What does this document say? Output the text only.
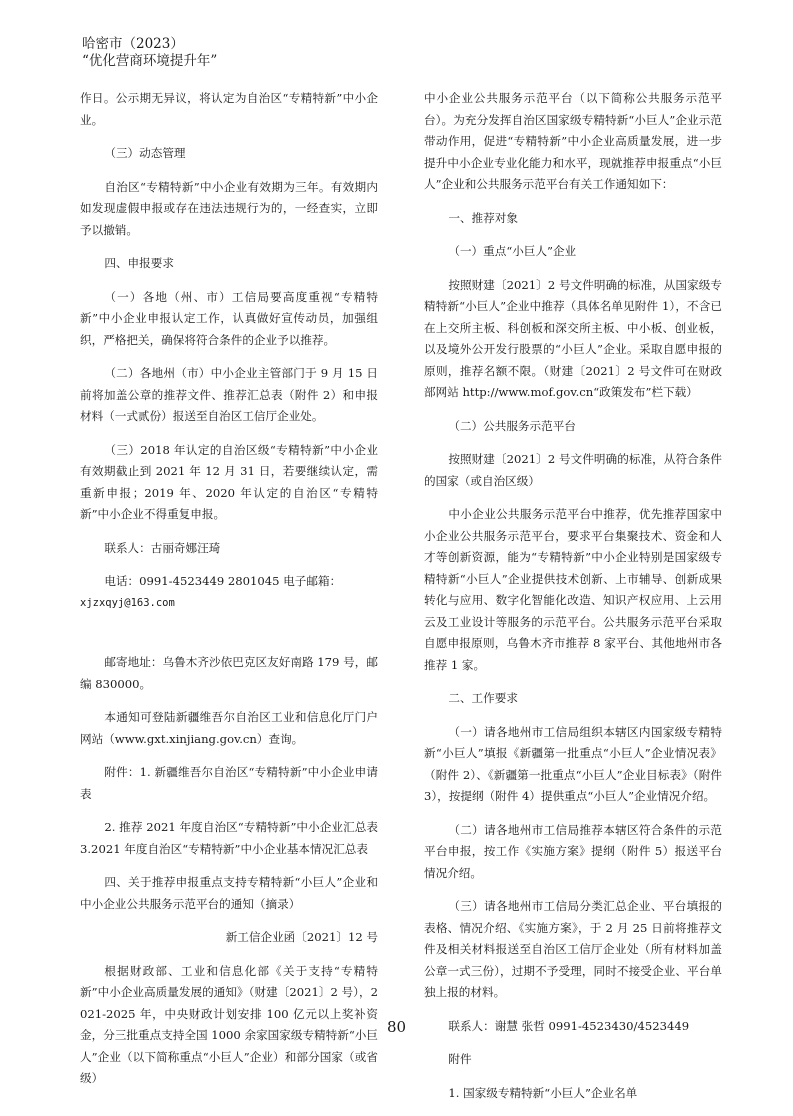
哈密市（2023）
“优化营商环境提升年”

作日。公示期无异议，将认定为自治区“专精特新”中小企业。

（三）动态管理

自治区“专精特新”中小企业有效期为三年。有效期内如发现虚假申报或存在违法违规行为的，一经查实，立即予以撤销。

四、申报要求

（一）各地（州、市）工信局要高度重视“专精特新”中小企业申报认定工作，认真做好宣传动员，加强组织，严格把关，确保将符合条件的企业予以推荐。

（二）各地州（市）中小企业主管部门于 9 月 15 日前将加盖公章的推荐文件、推荐汇总表（附件 2）和申报材料（一式贰份）报送至自治区工信厅企业处。

（三）2018 年认定的自治区级“专精特新”中小企业有效期截止到 2021 年 12 月 31 日，若要继续认定，需重新申报；2019 年、2020 年认定的自治区“专精特新”中小企业不得重复申报。

联系人：古丽奇娜汪琦

电话：0991-4523449 2801045 电子邮箱：

xjzxqyj@163.com

邮寄地址：乌鲁木齐沙依巴克区友好南路 179 号，邮编 830000。

本通知可登陆新疆维吾尔自治区工业和信息化厅门户网站（www.gxt.xinjiang.gov.cn）查询。

附件：1. 新疆维吾尔自治区“专精特新”中小企业申请表

2. 推荐 2021 年度自治区“专精特新”中小企业汇总表 3.2021 年度自治区“专精特新”中小企业基本情况汇总表

四、关于推荐申报重点支持专精特新“小巨人”企业和中小企业公共服务示范平台的通知（摘录）

新工信企业函〔2021〕12 号

根据财政部、工业和信息化部《关于支持“专精特新”中小企业高质量发展的通知》（财建〔2021〕2 号），2021-2025 年，中央财政计划安排 100 亿元以上奖补资金，分三批重点支持全国 1000 余家国家级专精特新“小巨人”企业（以下简称重点“小巨人”企业）和部分国家（或省级）

中小企业公共服务示范平台（以下简称公共服务示范平台）。为充分发挥自治区国家级专精特新“小巨人”企业示范带动作用，促进“专精特新”中小企业高质量发展，进一步提升中小企业专业化能力和水平，现就推荐申报重点“小巨人”企业和公共服务示范平台有关工作通知如下：

一、推荐对象

（一）重点“小巨人”企业

按照财建〔2021〕2 号文件明确的标准，从国家级专精特新“小巨人”企业中推荐（具体名单见附件 1），不含已在上交所主板、科创板和深交所主板、中小板、创业板，以及境外公开发行股票的“小巨人”企业。采取自愿申报的原则，推荐名额不限。（财建〔2021〕2 号文件可在财政部网站 http://www.mof.gov.cn“政策发布”栏下载）

（二）公共服务示范平台

按照财建〔2021〕2 号文件明确的标准，从符合条件的国家（或自治区级）

中小企业公共服务示范平台中推荐，优先推荐国家中小企业公共服务示范平台，要求平台集聚技术、资金和人才等创新资源，能为“专精特新”中小企业特别是国家级专精特新“小巨人”企业提供技术创新、上市辅导、创新成果转化与应用、数字化智能化改造、知识产权应用、上云用云及工业设计等服务的示范平台。公共服务示范平台采取自愿申报原则，乌鲁木齐市推荐 8 家平台、其他地州市各推荐 1 家。

二、工作要求

（一）请各地州市工信局组织本辖区内国家级专精特新“小巨人”填报《新疆第一批重点“小巨人”企业情况表》（附件 2）、《新疆第一批重点“小巨人”企业目标表》（附件 3），按提纲（附件 4）提供重点“小巨人”企业情况介绍。

（二）请各地州市工信局推荐本辖区符合条件的示范平台申报，按工作《实施方案》提纲（附件 5）报送平台情况介绍。

（三）请各地州市工信局分类汇总企业、平台填报的表格、情况介绍、《实施方案》，于 2 月 25 日前将推荐文件及相关材料报送至自治区工信厅企业处（所有材料加盖公章一式三份），过期不予受理，同时不接受企业、平台单独上报的材料。

联系人：谢慧 张哲 0991-4523430/4523449

附件

1. 国家级专精特新“小巨人”企业名单

80
